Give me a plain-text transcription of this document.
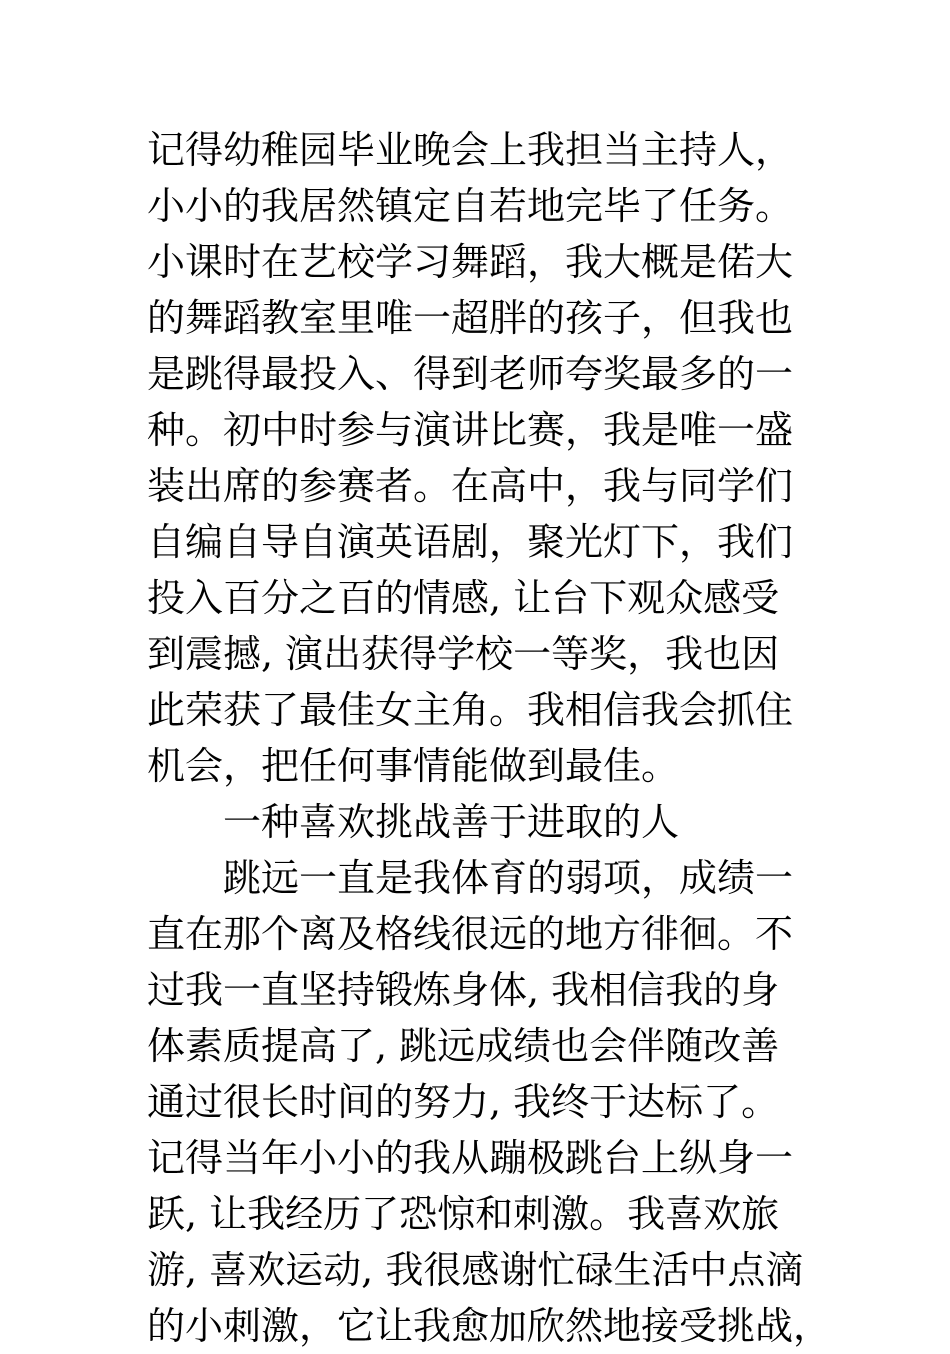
记得幼稚园毕业晚会上我担当主持人，
小小的我居然镇定自若地完毕了任务。
小课时在艺校学习舞蹈，我大概是偌大
的舞蹈教室里唯一超胖的孩子，但我也
是跳得最投入、得到老师夸奖最多的一
种。初中时参与演讲比赛，我是唯一盛
装出席的参赛者。在高中，我与同学们
自编自导自演英语剧，聚光灯下，我们
投入百分之百的情感, 让台下观众感受
到震撼, 演出获得学校一等奖，我也因
此荣获了最佳女主角。我相信我会抓住
机会，把任何事情能做到最佳。
一种喜欢挑战善于进取的人
跳远一直是我体育的弱项，成绩一
直在那个离及格线很远的地方徘徊。不
过我一直坚持锻炼身体, 我相信我的身
体素质提高了, 跳远成绩也会伴随改善
通过很长时间的努力, 我终于达标了。
记得当年小小的我从蹦极跳台上纵身一
跃, 让我经历了恐惊和刺激。我喜欢旅
游, 喜欢运动, 我很感谢忙碌生活中点滴
的小刺激，它让我愈加欣然地接受挑战，
